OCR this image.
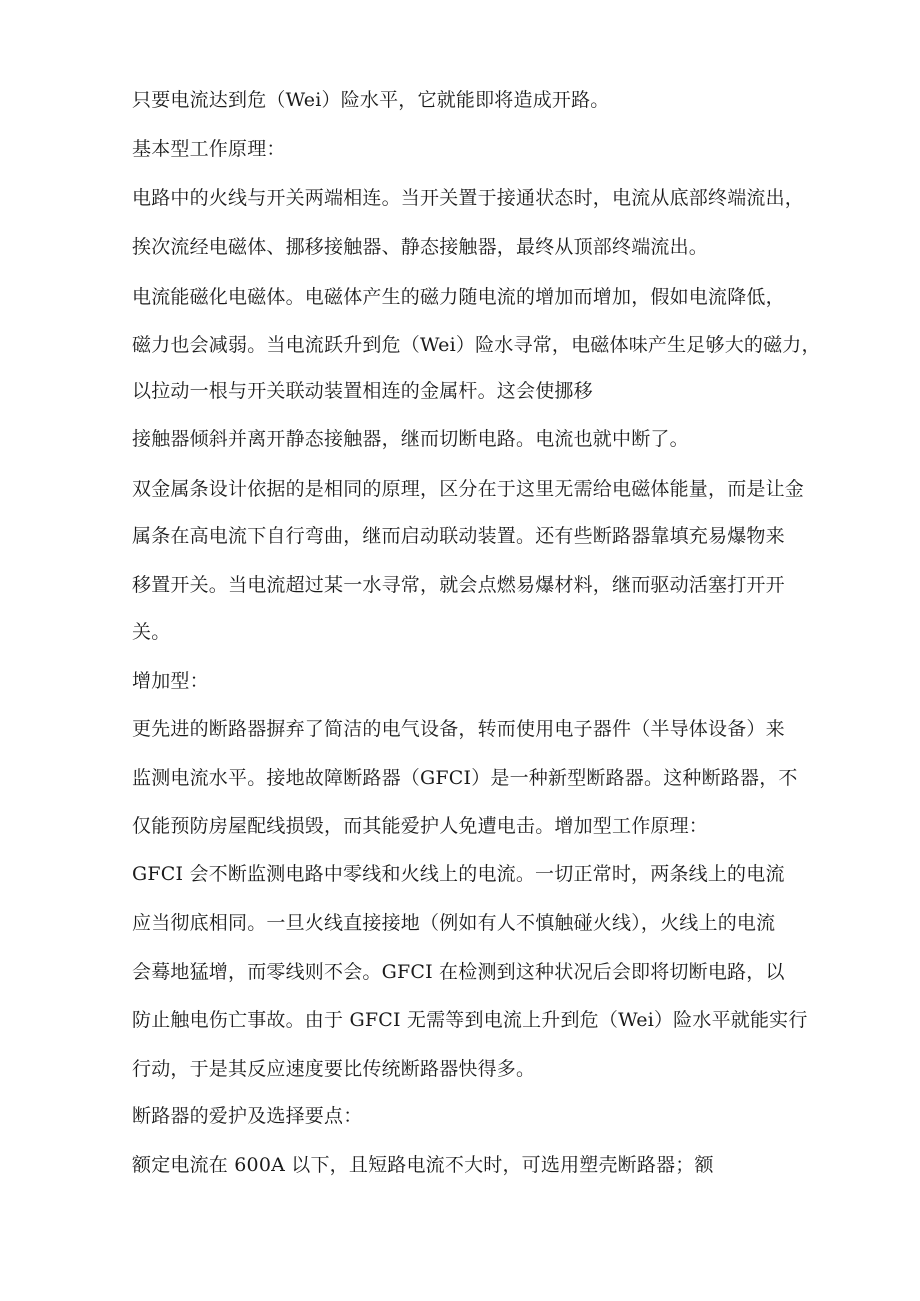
只要电流达到危（Wei）险水平，它就能即将造成开路。
基本型工作原理：
电路中的火线与开关两端相连。当开关置于接通状态时，电流从底部终端流出，
挨次流经电磁体、挪移接触器、静态接触器，最终从顶部终端流出。
电流能磁化电磁体。电磁体产生的磁力随电流的增加而增加，假如电流降低，
磁力也会减弱。当电流跃升到危（Wei）险水寻常，电磁体味产生足够大的磁力，
以拉动一根与开关联动装置相连的金属杆。这会使挪移
接触器倾斜并离开静态接触器，继而切断电路。电流也就中断了。
双金属条设计依据的是相同的原理，区分在于这里无需给电磁体能量，而是让金
属条在高电流下自行弯曲，继而启动联动装置。还有些断路器靠填充易爆物来
移置开关。当电流超过某一水寻常，就会点燃易爆材料，继而驱动活塞打开开
关。
增加型：
更先进的断路器摒弃了简洁的电气设备，转而使用电子器件（半导体设备）来
监测电流水平。接地故障断路器（GFCI）是一种新型断路器。这种断路器，不
仅能预防房屋配线损毁，而其能爱护人免遭电击。增加型工作原理：
GFCI 会不断监测电路中零线和火线上的电流。一切正常时，两条线上的电流
应当彻底相同。一旦火线直接接地（例如有人不慎触碰火线），火线上的电流
会蓦地猛增，而零线则不会。GFCI 在检测到这种状况后会即将切断电路，以
防止触电伤亡事故。由于 GFCI 无需等到电流上升到危（Wei）险水平就能实行
行动，于是其反应速度要比传统断路器快得多。
断路器的爱护及选择要点：
额定电流在 600A 以下，且短路电流不大时，可选用塑壳断路器；额
